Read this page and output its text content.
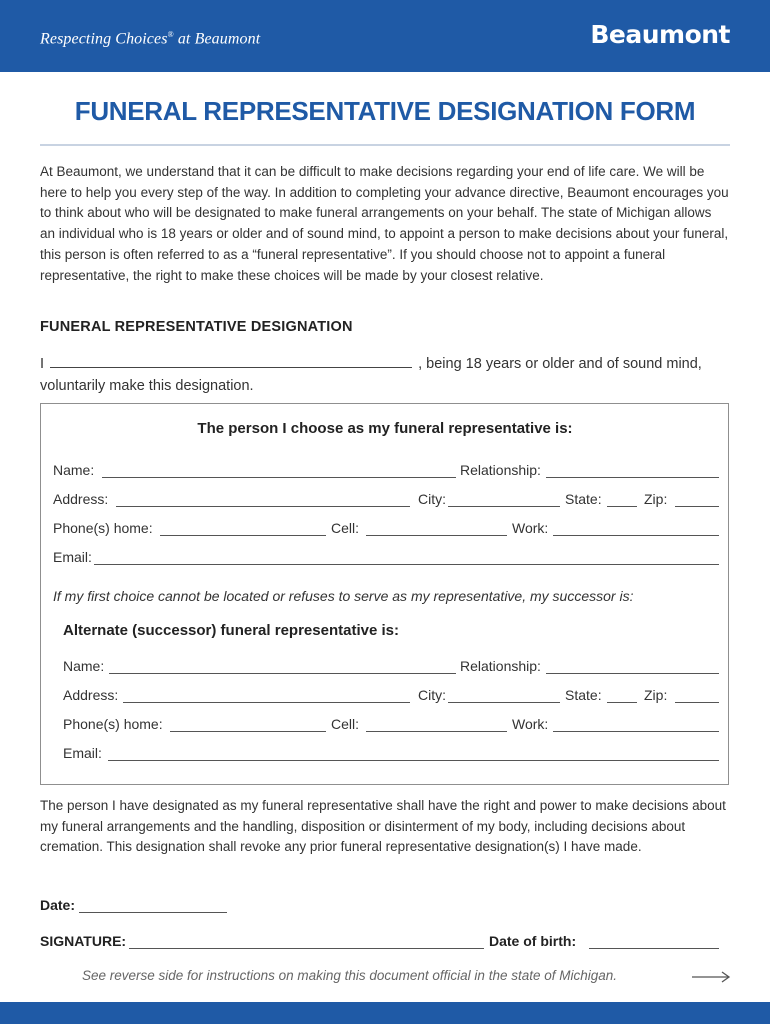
Respecting Choices® at Beaumont	Beaumont
FUNERAL REPRESENTATIVE DESIGNATION FORM
At Beaumont, we understand that it can be difficult to make decisions regarding your end of life care. We will be here to help you every step of the way. In addition to completing your advance directive, Beaumont encourages you to think about who will be designated to make funeral arrangements on your behalf. The state of Michigan allows an individual who is 18 years or older and of sound mind, to appoint a person to make decisions about your funeral, this person is often referred to as a “funeral representative”. If you should choose not to appoint a funeral representative, the right to make these choices will be made by your closest relative.
FUNERAL REPRESENTATIVE DESIGNATION
I	, being 18 years or older and of sound mind,
voluntarily make this designation.
The person I choose as my funeral representative is:
Name:	Relationship:
Address:	City:	State:	Zip:
Phone(s) home:	Cell:	Work:
Email:
If my first choice cannot be located or refuses to serve as my representative, my successor is:
Alternate (successor) funeral representative is:
Name:	Relationship:
Address:	City:	State:	Zip:
Phone(s) home:	Cell:	Work:
Email:
The person I have designated as my funeral representative shall have the right and power to make decisions about my funeral arrangements and the handling, disposition or disinterment of my body, including decisions about cremation. This designation shall revoke any prior funeral representative designation(s) I have made.
Date:
SIGNATURE:	Date of birth:
See reverse side for instructions on making this document official in the state of Michigan.
